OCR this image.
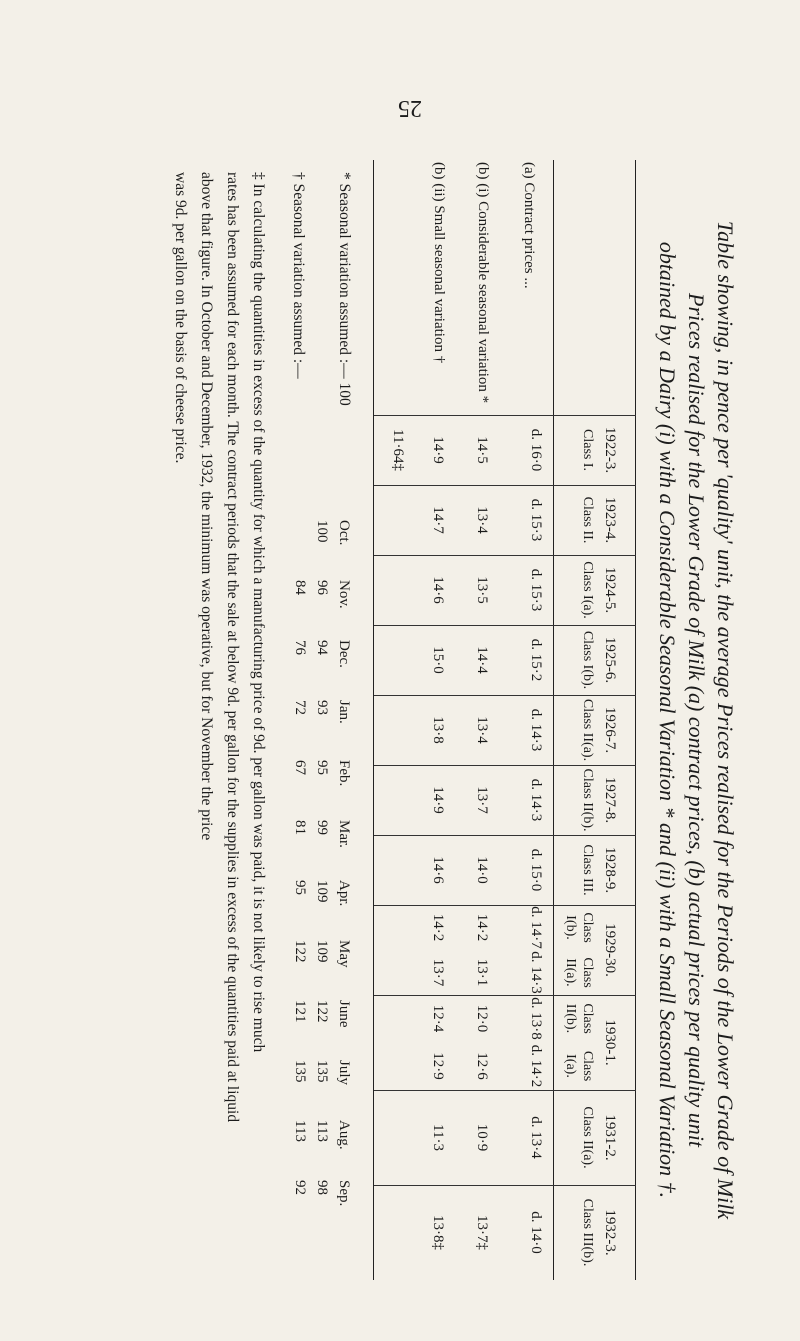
25
Table showing, in pence per 'quality' unit, the average Prices realised for the Periods of the Lower Grade of Milk
Prices realised for the Lower Grade of Milk (a) contract prices, (b) actual prices per quality unit
obtained by a Dairy (i) with a Considerable Seasonal Variation * and (ii) with a Small Seasonal Variation †.
1922-3.
1923-4.
1924-5.
1925-6.
1926-7.
1927-8.
1928-9.
1929-30.
1930-1.
1931-2.
1932-3.
Class I.
Class II.
Class I(a).
Class I(b).
Class II(a).
Class II(b).
Class III.
Class I(b).
Class II(a).
Class II(b).
Class I(a).
Class II(a).
Class III(b).
(a) Contract prices ...
(b) (i) Considerable seasonal variation *
(b) (ii) Small seasonal variation †
d. 16·0
d. 15·3
d. 15·3
d. 15·2
d. 14·3
d. 14·3
d. 15·0
d. 14·7
d. 14·3
d. 13·8
d. 14·2
d. 13·4
d. 14·0
14·5
13·4
13·5
14·4
13·4
13·7
14·0
14·2
13·1
12·0
12·6
10·9
13·7‡
14·9
14·7
14·6
15·0
13·8
14·9
14·6
14·2
13·7
12·4
12·9
11·3
13·8‡
11·64‡
Oct.
Nov.
Dec.
Jan.
Feb.
Mar.
Apr.
May
June
July
Aug.
Sep.
100
96
94
93
95
99
109
109
122
135
113
98
84
76
72
67
81
95
122
121
135
113
92
* Seasonal variation assumed :— 100
† Seasonal variation assumed :—
‡ In calculating the quantities in excess of the quantity for which a manufacturing price of 9d. per gallon was paid, it is not likely to rise much
rates has been assumed for each month. The contract periods that the sale at below 9d. per gallon for the supplies in excess of the quantities paid at liquid
above that figure. In October and December, 1932, the minimum was operative, but for November the price
was 9d. per gallon on the basis of cheese price.
